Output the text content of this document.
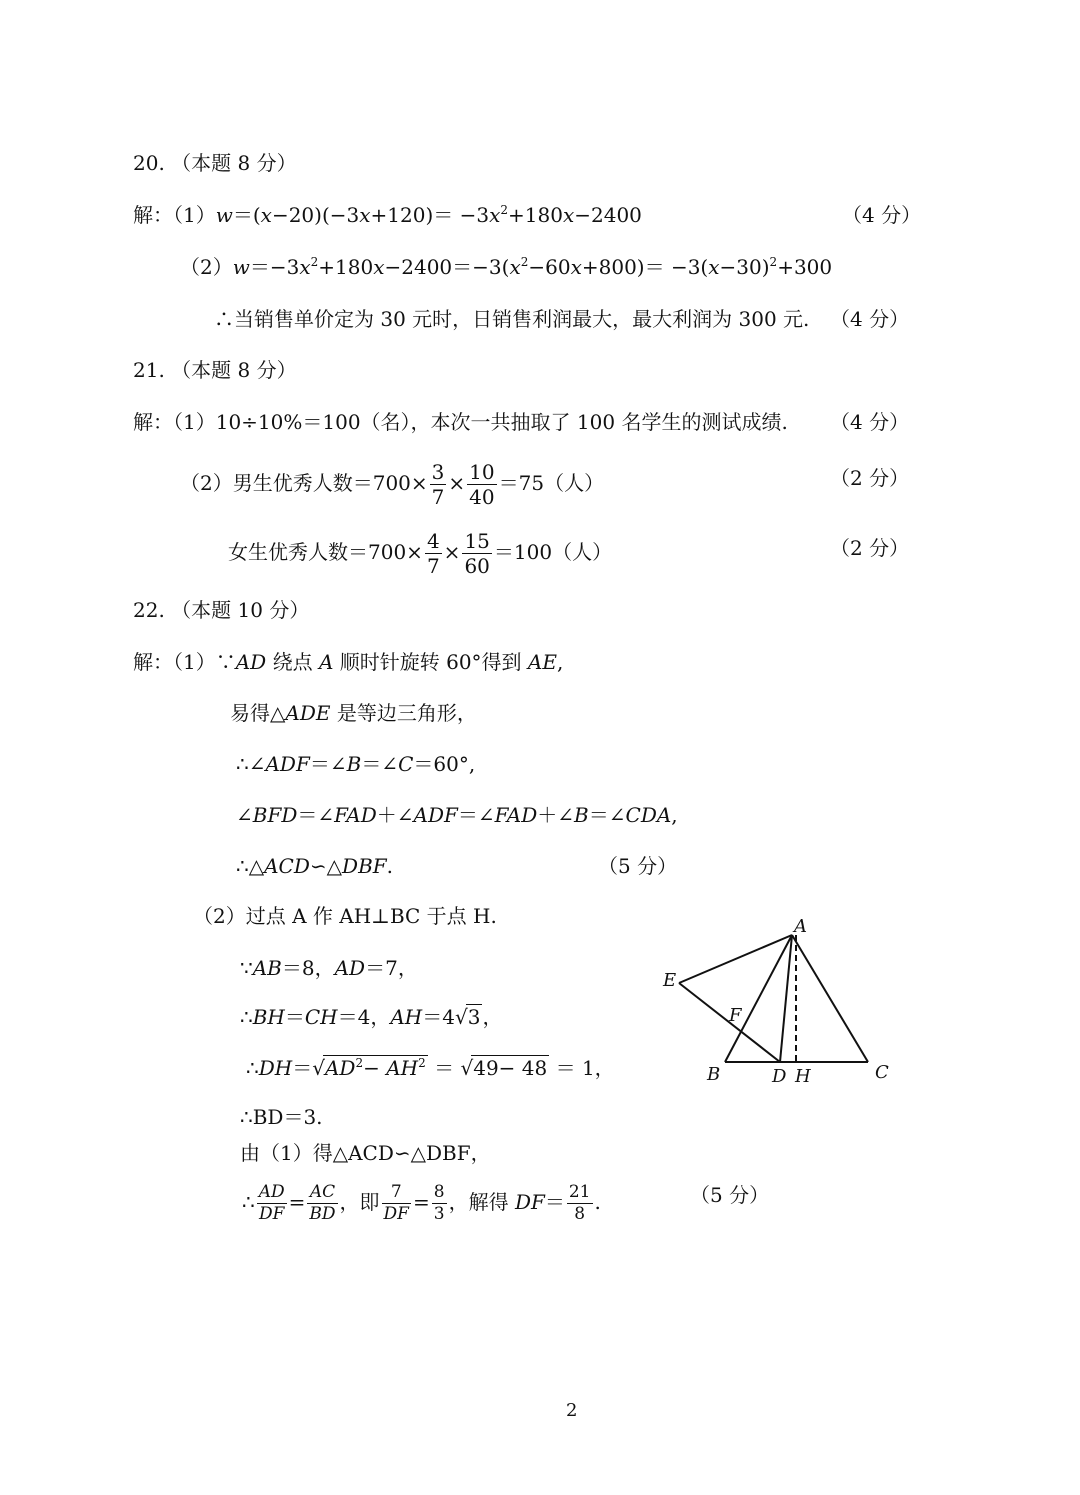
20. （本题 8 分）
解：$(1)w=(x-20)(-3x+120)= -3x^2+180x-2400$	（4 分）
$(2)w=-3x^2+180x-2400=-3(x^2-60x+800)= -3(x-30)^2+300$
∴当销售单价定为 30 元时，日销售利润最大，最大利润为 300 元. （4 分）
21. （本题 8 分）
解：（1）10÷10%＝100（名），本次一共抽取了 100 名学生的测试成绩. （4 分）
（2）男生优秀人数$=700\times \frac{3}{7} \times \frac{10}{40} =75$（人）	（2 分）
女生优秀人数$=700\times \frac{4}{7} \times \frac{15}{60} =100$（人）	（2 分）
22. （本题 10 分）
解：（1）∵AD 绕点 A 顺时针旋转 60°得到 AE,
易得△ADE 是等边三角形，
∴∠ADF＝∠B＝∠C＝60°,
∠BFD＝∠FAD＋∠ADF＝∠FAD＋∠B＝∠CDA,
∴△ACD∽△DBF.	（5 分）
（2）过点 A 作 AH⊥BC 于点 H.
∵AB＝8，AD＝7，
∴BH＝CH＝4，AH＝4√3 ，
$\therefore DH=√AD^2- AH^2 = √49- 48 = 1$，
∴BD＝3.
由（1）得△ACD∽△DBF，
∴ $\frac{AD}{DF} = \frac{AC}{BD}$ ，即 $\frac{7}{DF} = \frac{8}{3}$ ，解得 $DF= \frac{21}{8}$ .	（5 分）
A
E
F
B	D H	C
2
